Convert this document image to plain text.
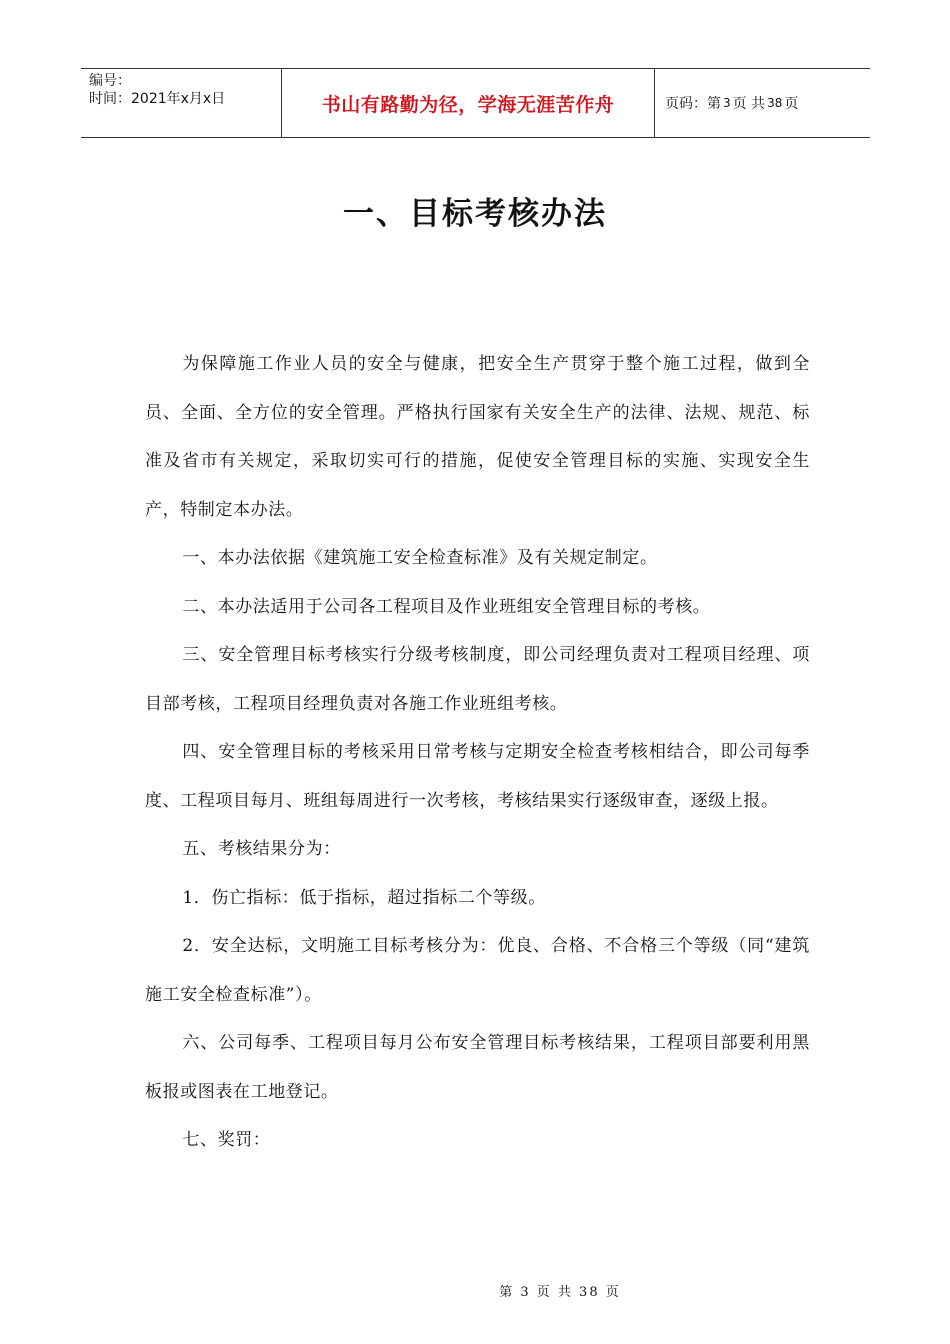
编号：
时间：2021年x月x日	书山有路勤为径，学海无涯苦作舟	页码：第 3 页 共 38 页
一、目标考核办法

为保障施工作业人员的安全与健康，把安全生产贯穿于整个施工过程，做到全员、全面、全方位的安全管理。严格执行国家有关安全生产的法律、法规、规范、标准及省市有关规定，采取切实可行的措施，促使安全管理目标的实施、实现安全生产，特制定本办法。

一、本办法依据《建筑施工安全检查标准》及有关规定制定。

二、本办法适用于公司各工程项目及作业班组安全管理目标的考核。

三、安全管理目标考核实行分级考核制度，即公司经理负责对工程项目经理、项目部考核，工程项目经理负责对各施工作业班组考核。

四、安全管理目标的考核采用日常考核与定期安全检查考核相结合，即公司每季度、工程项目每月、班组每周进行一次考核，考核结果实行逐级审查，逐级上报。

五、考核结果分为：

1．伤亡指标：低于指标，超过指标二个等级。

2．安全达标，文明施工目标考核分为：优良、合格、不合格三个等级（同“建筑施工安全检查标准”）。

六、公司每季、工程项目每月公布安全管理目标考核结果，工程项目部要利用黑板报或图表在工地登记。

七、奖罚：

第 3 页 共 38 页
